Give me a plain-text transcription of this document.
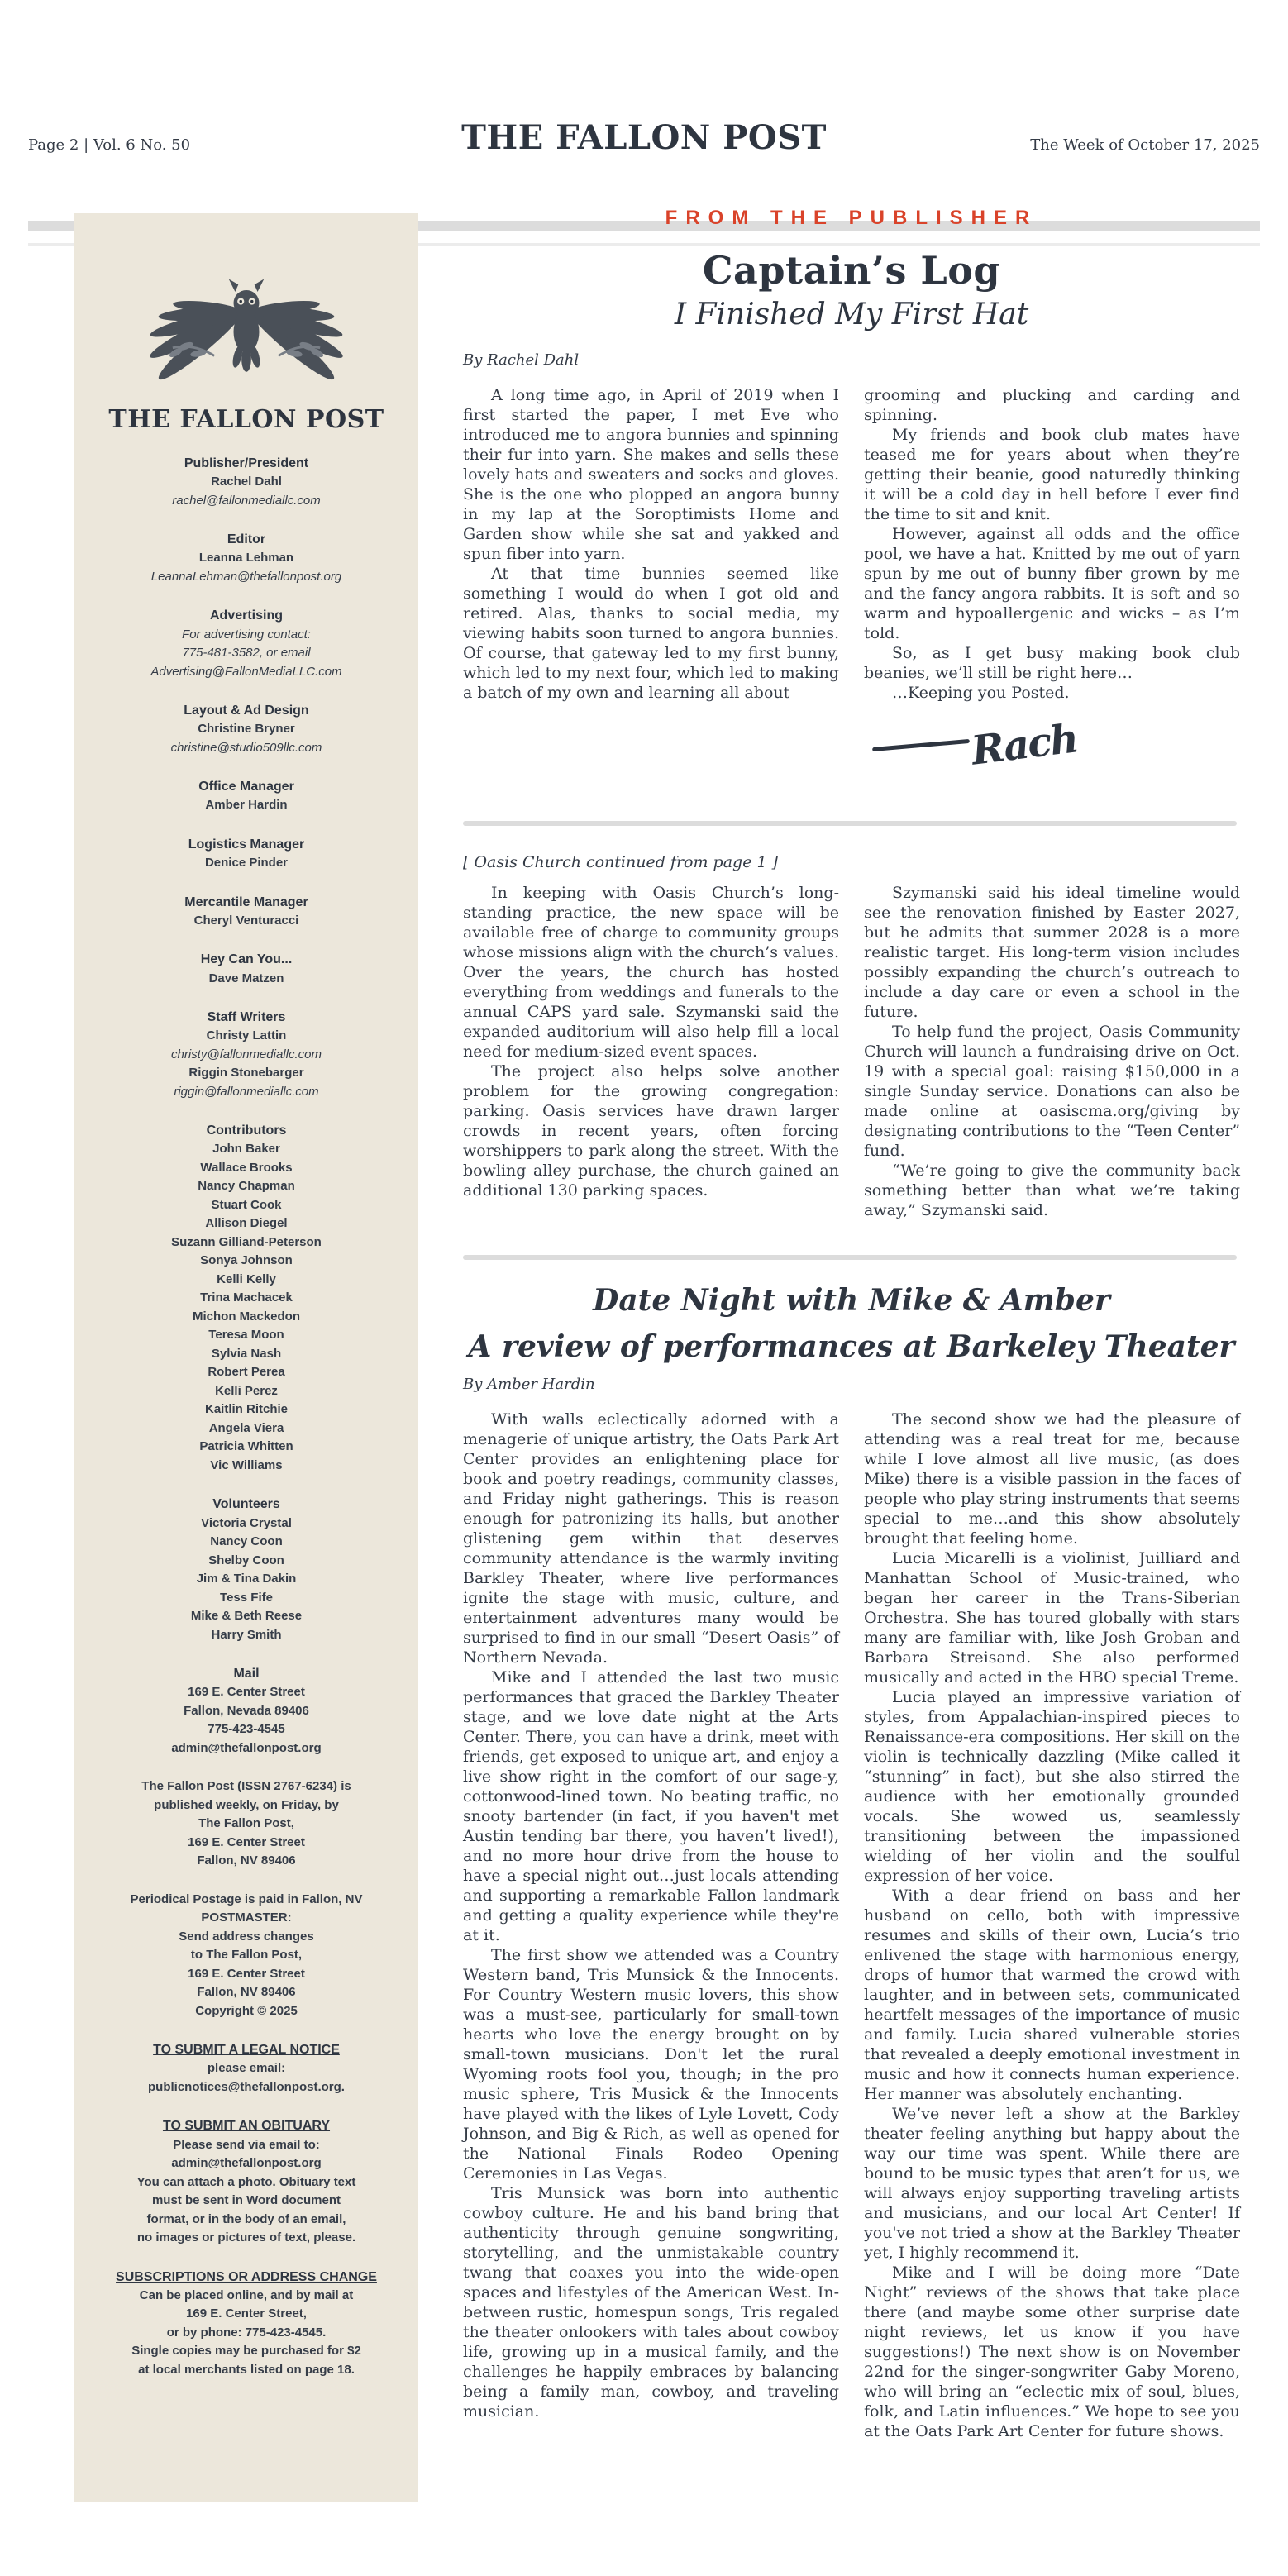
Page 2 | Vol. 6 No. 50	THE FALLON POST	The Week of October 17, 2025
THE FALLON POST
Publisher/President
Rachel Dahl
rachel@fallonmediallc.com
Editor
Leanna Lehman
LeannaLehman@thefallonpost.org
Advertising
For advertising contact:
775-481-3582, or email
Advertising@FallonMediaLLC.com
Layout & Ad Design
Christine Bryner
christine@studio509llc.com
Office Manager
Amber Hardin
Logistics Manager
Denice Pinder
Mercantile Manager
Cheryl Venturacci
Hey Can You...
Dave Matzen
Staff Writers
Christy Lattin
christy@fallonmediallc.com
Riggin Stonebarger
riggin@fallonmediallc.com
Contributors
John Baker
Wallace Brooks
Nancy Chapman
Stuart Cook
Allison Diegel
Suzann Gilliand-Peterson
Sonya Johnson
Kelli Kelly
Trina Machacek
Michon Mackedon
Teresa Moon
Sylvia Nash
Robert Perea
Kelli Perez
Kaitlin Ritchie
Angela Viera
Patricia Whitten
Vic Williams
Volunteers
Victoria Crystal
Nancy Coon
Shelby Coon
Jim & Tina Dakin
Tess Fife
Mike & Beth Reese
Harry Smith
Mail
169 E. Center Street
Fallon, Nevada 89406
775-423-4545
admin@thefallonpost.org
The Fallon Post (ISSN 2767-6234) is
published weekly, on Friday, by
The Fallon Post,
169 E. Center Street
Fallon, NV 89406
Periodical Postage is paid in Fallon, NV
POSTMASTER:
Send address changes
to The Fallon Post,
169 E. Center Street
Fallon, NV 89406
Copyright © 2025
TO SUBMIT A LEGAL NOTICE
please email:
publicnotices@thefallonpost.org.
TO SUBMIT AN OBITUARY
Please send via email to:
admin@thefallonpost.org
You can attach a photo. Obituary text
must be sent in Word document
format, or in the body of an email,
no images or pictures of text, please.
SUBSCRIPTIONS OR ADDRESS CHANGE
Can be placed online, and by mail at
169 E. Center Street,
or by phone: 775-423-4545.
Single copies may be purchased for $2
at local merchants listed on page 18.
FROM THE PUBLISHER
Captain’s Log
I Finished My First Hat
By Rachel Dahl

A long time ago, in April of 2019 when I first started the paper, I met Eve who introduced me to angora bunnies and spinning their fur into yarn. She makes and sells these lovely hats and sweaters and socks and gloves. She is the one who plopped an angora bunny in my lap at the Soroptimists Home and Garden show while she sat and yakked and spun fiber into yarn.

At that time bunnies seemed like something I would do when I got old and retired. Alas, thanks to social media, my viewing habits soon turned to angora bunnies. Of course, that gateway led to my first bunny, which led to my next four, which led to making a batch of my own and learning all about

grooming and plucking and carding and spinning.

My friends and book club mates have teased me for years about when they’re getting their beanie, good naturedly thinking it will be a cold day in hell before I ever find the time to sit and knit.

However, against all odds and the office pool, we have a hat. Knitted by me out of yarn spun by me out of bunny fiber grown by me and the fancy angora rabbits. It is soft and so warm and hypoallergenic and wicks – as I’m told.

So, as I get busy making book club beanies, we’ll still be right here…

…Keeping you Posted.

Rach
[ Oasis Church continued from page 1 ]

In keeping with Oasis Church’s long-standing practice, the new space will be available free of charge to community groups whose missions align with the church’s values. Over the years, the church has hosted everything from weddings and funerals to the annual CAPS yard sale. Szymanski said the expanded auditorium will also help fill a local need for medium-sized event spaces.

The project also helps solve another problem for the growing congregation: parking. Oasis services have drawn larger crowds in recent years, often forcing worshippers to park along the street. With the bowling alley purchase, the church gained an additional 130 parking spaces.

Szymanski said his ideal timeline would see the renovation finished by Easter 2027, but he admits that summer 2028 is a more realistic target. His long-term vision includes possibly expanding the church’s outreach to include a day care or even a school in the future.

To help fund the project, Oasis Community Church will launch a fundraising drive on Oct. 19 with a special goal: raising $150,000 in a single Sunday service. Donations can also be made online at oasiscma.org/giving by designating contributions to the “Teen Center” fund.

“We’re going to give the community back something better than what we’re taking away,” Szymanski said.

Date Night with Mike & Amber
A review of performances at Barkeley Theater
By Amber Hardin

With walls eclectically adorned with a menagerie of unique artistry, the Oats Park Art Center provides an enlightening place for book and poetry readings, community classes, and Friday night gatherings. This is reason enough for patronizing its halls, but another glistening gem within that deserves community attendance is the warmly inviting Barkley Theater, where live performances ignite the stage with music, culture, and entertainment adventures many would be surprised to find in our small “Desert Oasis” of Northern Nevada.

Mike and I attended the last two music performances that graced the Barkley Theater stage, and we love date night at the Arts Center. There, you can have a drink, meet with friends, get exposed to unique art, and enjoy a live show right in the comfort of our sage-y, cottonwood-lined town. No beating traffic, no snooty bartender (in fact, if you haven't met Austin tending bar there, you haven’t lived!), and no more hour drive from the house to have a special night out…just locals attending and supporting a remarkable Fallon landmark and getting a quality experience while they're at it.

The first show we attended was a Country Western band, Tris Munsick & the Innocents. For Country Western music lovers, this show was a must-see, particularly for small-town hearts who love the energy brought on by small-town musicians. Don't let the rural Wyoming roots fool you, though; in the pro music sphere, Tris Musick & the Innocents have played with the likes of Lyle Lovett, Cody Johnson, and Big & Rich, as well as opened for the National Finals Rodeo Opening Ceremonies in Las Vegas.

Tris Munsick was born into authentic cowboy culture. He and his band bring that authenticity through genuine songwriting, storytelling, and the unmistakable country twang that coaxes you into the wide-open spaces and lifestyles of the American West. In-between rustic, homespun songs, Tris regaled the theater onlookers with tales about cowboy life, growing up in a musical family, and the challenges he happily embraces by balancing being a family man, cowboy, and traveling musician.

The second show we had the pleasure of attending was a real treat for me, because while I love almost all live music, (as does Mike) there is a visible passion in the faces of people who play string instruments that seems special to me…and this show absolutely brought that feeling home.

Lucia Micarelli is a violinist, Juilliard and Manhattan School of Music-trained, who began her career in the Trans-Siberian Orchestra. She has toured globally with stars many are familiar with, like Josh Groban and Barbara Streisand. She also performed musically and acted in the HBO special Treme.

Lucia played an impressive variation of styles, from Appalachian-inspired pieces to Renaissance-era compositions. Her skill on the violin is technically dazzling (Mike called it “stunning” in fact), but she also stirred the audience with her emotionally grounded vocals. She wowed us, seamlessly transitioning between the impassioned wielding of her violin and the soulful expression of her voice.

With a dear friend on bass and her husband on cello, both with impressive resumes and skills of their own, Lucia’s trio enlivened the stage with harmonious energy, drops of humor that warmed the crowd with laughter, and in between sets, communicated heartfelt messages of the importance of music and family. Lucia shared vulnerable stories that revealed a deeply emotional investment in music and how it connects human experience. Her manner was absolutely enchanting.

We’ve never left a show at the Barkley theater feeling anything but happy about the way our time was spent. While there are bound to be music types that aren’t for us, we will always enjoy supporting traveling artists and musicians, and our local Art Center! If you've not tried a show at the Barkley Theater yet, I highly recommend it.

Mike and I will be doing more “Date Night” reviews of the shows that take place there (and maybe some other surprise date night reviews, let us know if you have suggestions!) The next show is on November 22nd for the singer-songwriter Gaby Moreno, who will bring an “eclectic mix of soul, blues, folk, and Latin influences.” We hope to see you at the Oats Park Art Center for future shows.
